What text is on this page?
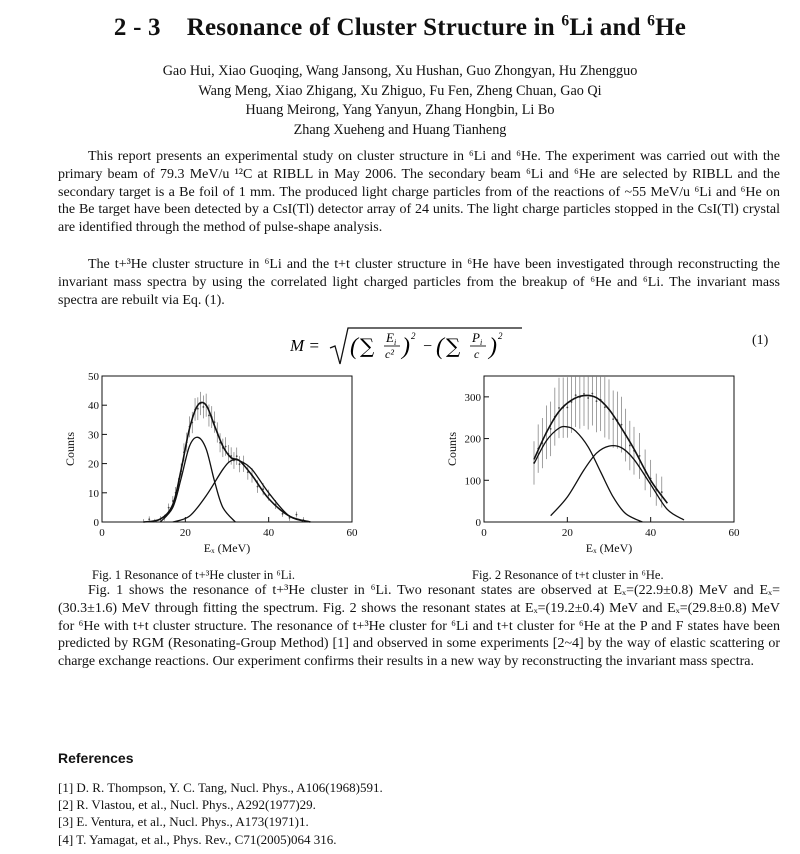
2 - 3 Resonance of Cluster Structure in $^6$Li and $^6$He
Gao Hui, Xiao Guoqing, Wang Jansong, Xu Hushan, Guo Zhongyan, Hu Zhengguo
Wang Meng, Xiao Zhigang, Xu Zhiguo, Fu Fen, Zheng Chuan, Gao Qi
Huang Meirong, Yang Yanyun, Zhang Hongbin, Li Bo
Zhang Xueheng and Huang Tianheng
This report presents an experimental study on cluster structure in ⁶Li and ⁶He. The experiment was carried out with the primary beam of 79.3 MeV/u ¹²C at RIBLL in May 2006. The secondary beam ⁶Li and ⁶He are selected by RIBLL and the secondary target is a Be foil of 1 mm. The produced light charge particles from of the reactions of ~55 MeV/u ⁶Li and ⁶He on the Be target have been detected by a CsI(Tl) detector array of 24 units. The light charge particles stopped in the CsI(Tl) crystal are identified through the method of pulse-shape analysis.
The t+³He cluster structure in ⁶Li and the t+t cluster structure in ⁶He have been investigated through reconstructing the invariant mass spectra by using the correlated light charged particles from the breakup of ⁶He and ⁶Li. The invariant mass spectra are rebuilt via Eq. (1).
M = ( ∑ E i
c² ) 2
− ( ∑ P i
c ) 2	(1)
0	20	40	60
0
10
20
30
40
50
Counts
Eₓ (MeV)
Fig. 1 Resonance of t+³He cluster in ⁶Li.
0	20	40	60
0
100
200
300
Counts
Eₓ (MeV)
Fig. 2 Resonance of t+t cluster in ⁶He.
Fig. 1 shows the resonance of t+³He cluster in ⁶Li. Two resonant states are observed at Eₓ=(22.9±0.8) MeV and Eₓ=(30.3±1.6) MeV through fitting the spectrum. Fig. 2 shows the resonant states at Eₓ=(19.2±0.4) MeV and Eₓ=(29.8±0.8) MeV for ⁶He with t+t cluster structure. The resonance of t+³He cluster for ⁶Li and t+t cluster for ⁶He at the P and F states have been predicted by RGM (Resonating-Group Method) [1] and observed in some experiments [2~4] by the way of elastic scattering or charge exchange reactions. Our experiment confirms their results in a new way by reconstructing the invariant mass spectra.
References
[1] D. R. Thompson, Y. C. Tang, Nucl. Phys., A106(1968)591.
[2] R. Vlastou, et al., Nucl. Phys., A292(1977)29.
[3] E. Ventura, et al., Nucl. Phys., A173(1971)1.
[4] T. Yamagat, et al., Phys. Rev., C71(2005)064 316.
